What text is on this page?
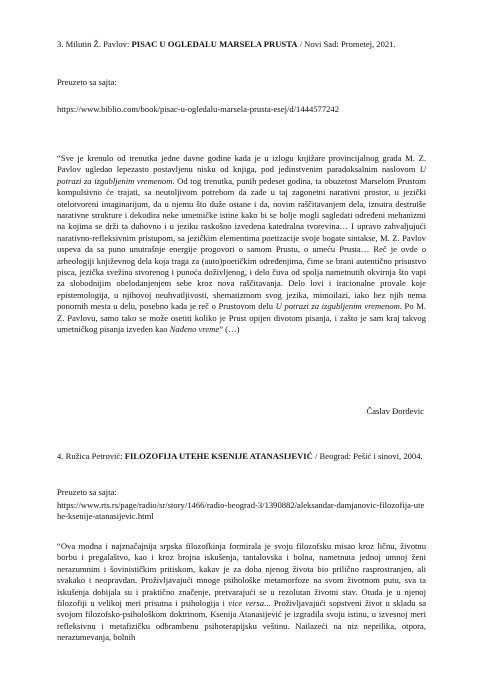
3. Milutin Ž. Pavlov: PISAC U OGLEDALU MARSELA PRUSTA / Novi Sad: Prometej, 2021.
Preuzeto sa sajta:
https://www.biblio.com/book/pisac-u-ogledalu-marsela-prusta-esej/d/1444577242
“Sve je krenulo od trenutka jedne davne godine kada je u izlogu knjižare provincijalnog grada M. Z. Pavlov ugledao lepezasto postavljenu nisku od knjiga, pod jedinstvenim paradoksalnim naslovom U potrazi za izgubljenim vremenom. Od tog trenutka, punih pedeset godina, ta obuzetost Marselom Prustom kompulsivno će trajati, sa neutoljivom potrebom da zađe u taj zagonetni narativni prostor, u jezički otelotvoreni imaginarijum, da u njemu što duže ostane i da, novim raščitavanjem dela, iznutra destruiše narativne strukture i dekodira neke umetničke istine kako bi se bolje mogli sagledati određeni mehanizmi na kojima se drži ta duhovno i u jeziku raskošno izvedena katedralna tvorevina… I upravo zahvaljujući narativno-refleksivnim pristupom, sa jezičkim elementima poetizacije svoje bogate sintakse, M. Z. Pavlov uspeva da sa puno unutrašnje energije progovori o samom Prustu, o umeću Prusta… Reč je ovde o arheologiji književnog dela koja traga za (auto)poetičkim određenjima, čime se brani autentično prisustvo pisca, jezička svežina stvorenog i punoća doživljenog, i delo čuva od spolja nametnutih okvirnja što vapi za slobodnijim obelodanjenjem sebe kroz nova raščitavanja. Delo lovi i iracionalne provale koje epistemologija, u njihovoj neuhvatljivosti, shematizmom svog jezika, mimoilazi, iako bez njih nema ponornih mesta u delu, posebno kada je reč o Prustovom delu U potrazi za izgubljenim vremenom. Po M. Z. Pavlovu, samo tako se može osetiti koliko je Prust opijen divotom pisanja, i zašto je sam kraj takvog umetničkog pisanja izveden kao Nađeno vreme” (…)
Časlav Đorđevic
4. Ružica Petrović: FILOZOFIJA UTEHE KSENIJE ATANASIJEVIĆ / Beograd: Pešić i sinovi, 2004.
Preuzeto sa sajta:
https://www.rts.rs/page/radio/sr/story/1466/radio-beograd-3/1390882/aleksandar-damjanovic-filozofija-utehe-ksenije-atanasijevic.html
“Ova mođna i najznačajnija srpska filozofkinja formirala je svoju filozofsku misao kroz ličnu, životnu borbu i pregalaštvo, kao i kroz brojna iskušenja, tantalovska i bolna, nametnuta jednoj umnoj ženi nerazumnim i šovinističkim pritiskom, kakav je za doba njenog života bio prilično rasprostranjen, ali svakako i neopravdan. Proživljavajući mnoge psihološke metamorfoze na svom životnom putu, sva ta iskušenja dobijala su i praktično značenje, pretvarajući se u rezolutan životni stav. Otuda je u njenoj filozofiji u velikoj meri prisutna i psihologija i vice versa... Proživljavajući sopstveni život u skladu sa svojom filozofsko-psihološkom doktrinom, Ksenija Atanasijević je izgradila svoju istinu, u izvesnoj meri refleksivnu i metafizičku odbrambenu psihoterapijsku veštinu. Nailazeći na niz neprilika, otpora, nerazumevanja, bolnih
